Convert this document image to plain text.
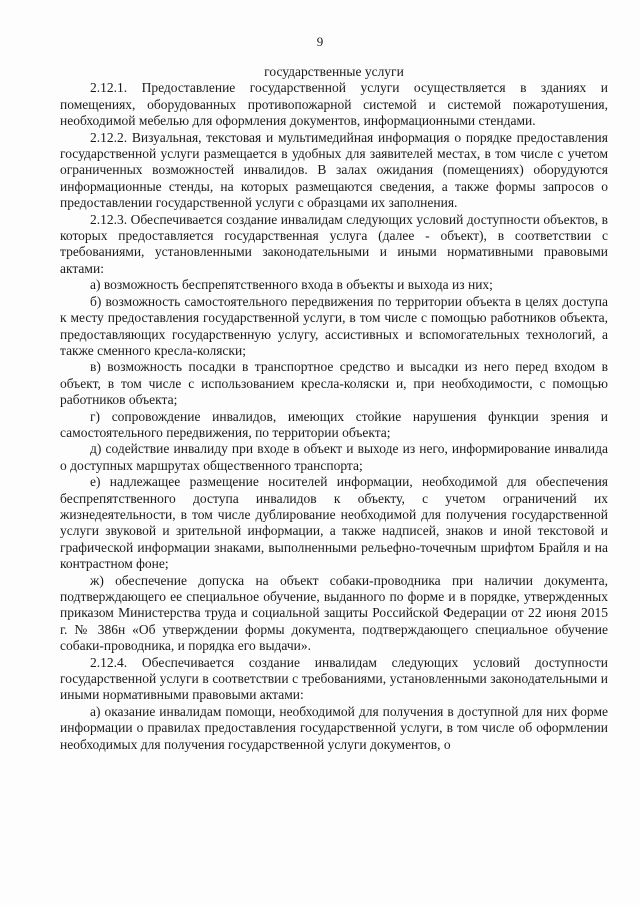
9

государственные услуги

2.12.1. Предоставление государственной услуги осуществляется в зданиях и помещениях, оборудованных противопожарной системой и системой пожаротушения, необходимой мебелью для оформления документов, информационными стендами.

2.12.2. Визуальная, текстовая и мультимедийная информация о порядке предоставления государственной услуги размещается в удобных для заявителей местах, в том числе с учетом ограниченных возможностей инвалидов. В залах ожидания (помещениях) оборудуются информационные стенды, на которых размещаются сведения, а также формы запросов о предоставлении государственной услуги с образцами их заполнения.

2.12.3. Обеспечивается создание инвалидам следующих условий доступности объектов, в которых предоставляется государственная услуга (далее - объект), в соответствии с требованиями, установленными законодательными и иными нормативными правовыми актами:

а) возможность беспрепятственного входа в объекты и выхода из них;

б) возможность самостоятельного передвижения по территории объекта в целях доступа к месту предоставления государственной услуги, в том числе с помощью работников объекта, предоставляющих государственную услугу, ассистивных и вспомогательных технологий, а также сменного кресла-коляски;

в) возможность посадки в транспортное средство и высадки из него перед входом в объект, в том числе с использованием кресла-коляски и, при необходимости, с помощью работников объекта;

г) сопровождение инвалидов, имеющих стойкие нарушения функции зрения и самостоятельного передвижения, по территории объекта;

д) содействие инвалиду при входе в объект и выходе из него, информирование инвалида о доступных маршрутах общественного транспорта;

е) надлежащее размещение носителей информации, необходимой для обеспечения беспрепятственного доступа инвалидов к объекту, с учетом ограничений их жизнедеятельности, в том числе дублирование необходимой для получения государственной услуги звуковой и зрительной информации, а также надписей, знаков и иной текстовой и графической информации знаками, выполненными рельефно-точечным шрифтом Брайля и на контрастном фоне;

ж) обеспечение допуска на объект собаки-проводника при наличии документа, подтверждающего ее специальное обучение, выданного по форме и в порядке, утвержденных приказом Министерства труда и социальной защиты Российской Федерации от 22 июня 2015 г. № 386н «Об утверждении формы документа, подтверждающего специальное обучение собаки-проводника, и порядка его выдачи».

2.12.4. Обеспечивается создание инвалидам следующих условий доступности государственной услуги в соответствии с требованиями, установленными законодательными и иными нормативными правовыми актами:

а) оказание инвалидам помощи, необходимой для получения в доступной для них форме информации о правилах предоставления государственной услуги, в том числе об оформлении необходимых для получения государственной услуги документов, о
